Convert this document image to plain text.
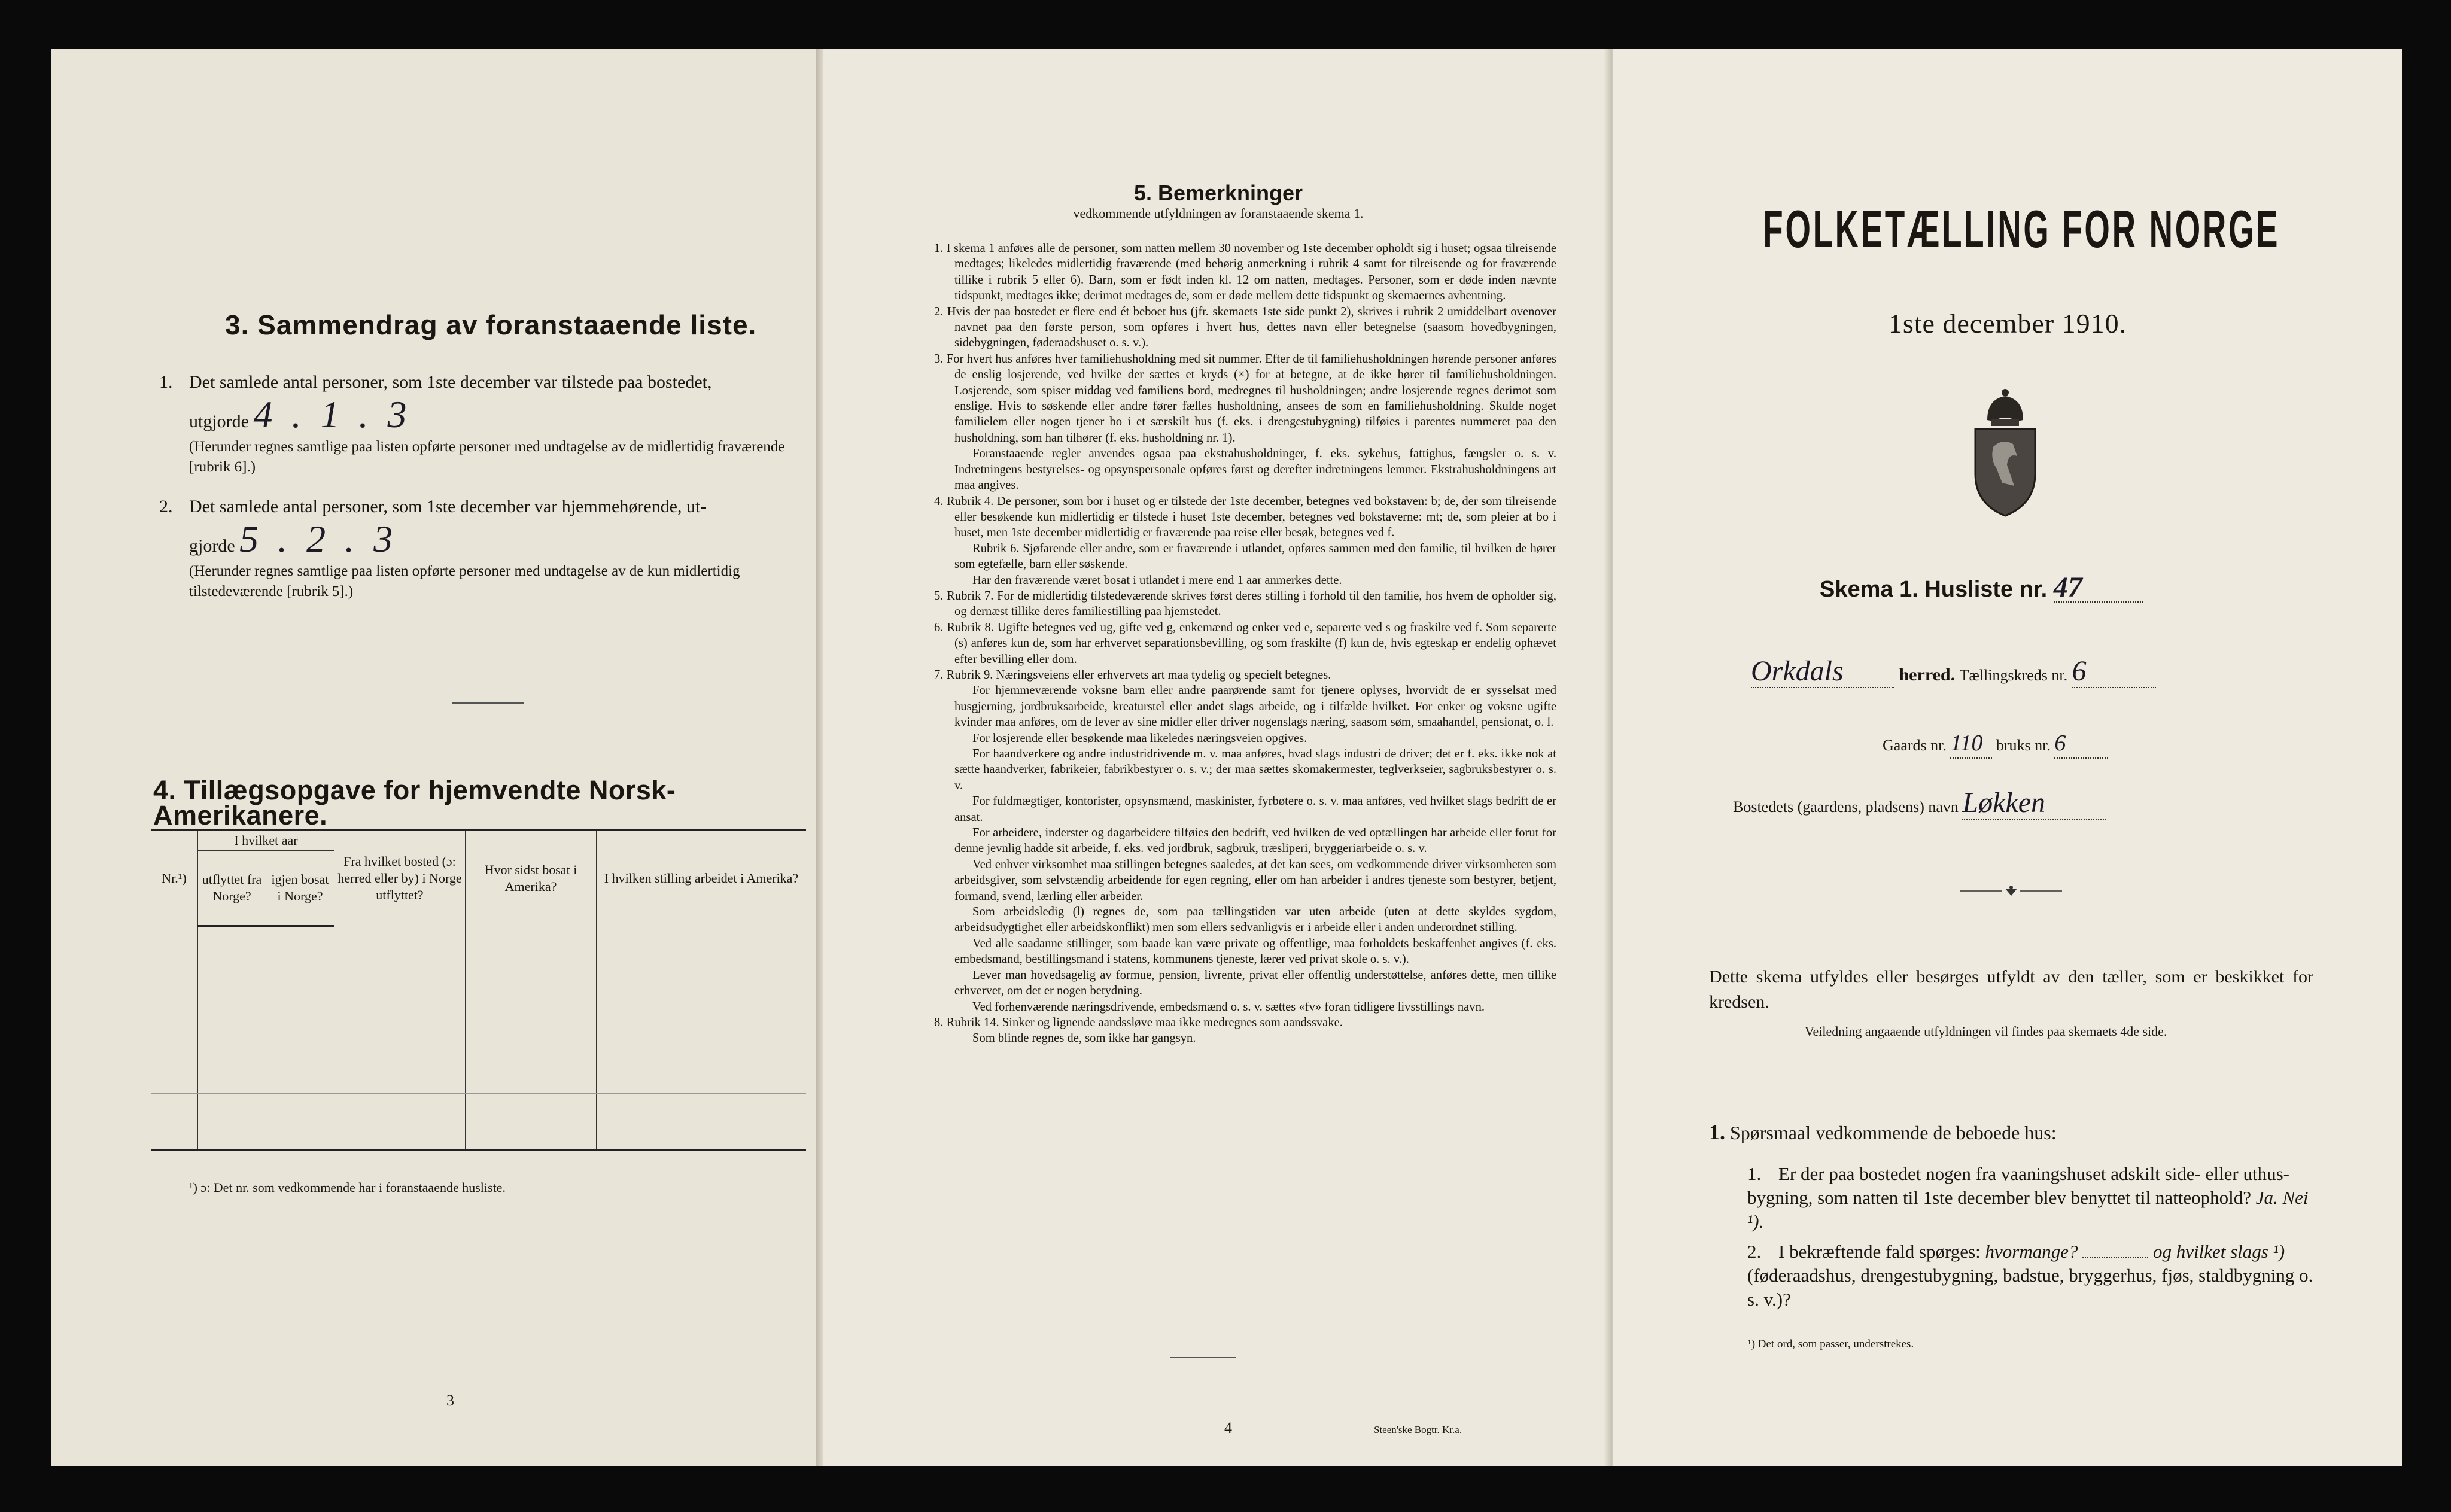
3. Sammendrag av foranstaaende liste.
1. Det samlede antal personer, som 1ste december var tilstede paa bostedet,
utgjorde 4 . 1 . 3
(Herunder regnes samtlige paa listen opførte personer med undtagelse av de midlertidig fraværende [rubrik 6].)
2. Det samlede antal personer, som 1ste december var hjemmehørende, ut-
gjorde 5 . 2 . 3
(Herunder regnes samtlige paa listen opførte personer med undtagelse av de kun midlertidig tilstedeværende [rubrik 5].)
4. Tillægsopgave for hjemvendte Norsk-Amerikanere.
Nr.¹)	I hvilket aar		Fra hvilket bosted (ɔ: herred eller by) i Norge utflyttet?	Hvor sidst bosat i Amerika?	I hvilken stilling arbeidet i Amerika?
	utflyttet fra Norge?	igjen bosat i Norge?			

¹) ɔ: Det nr. som vedkommende har i foranstaaende husliste.
3
5. Bemerkninger
vedkommende utfyldningen av foranstaaende skema 1.

1. I skema 1 anføres alle de personer, som natten mellem 30 november og 1ste december opholdt sig i huset; ogsaa tilreisende medtages; likeledes midlertidig fraværende (med behørig anmerkning i rubrik 4 samt for tilreisende og for fraværende tillike i rubrik 5 eller 6). Barn, som er født inden kl. 12 om natten, medtages. Personer, som er døde inden nævnte tidspunkt, medtages ikke; derimot medtages de, som er døde mellem dette tidspunkt og skemaernes avhentning.

2. Hvis der paa bostedet er flere end ét beboet hus (jfr. skemaets 1ste side punkt 2), skrives i rubrik 2 umiddelbart ovenover navnet paa den første person, som opføres i hvert hus, dettes navn eller betegnelse (saasom hovedbygningen, sidebygningen, føderaadshuset o. s. v.).

3. For hvert hus anføres hver familiehusholdning med sit nummer. Efter de til familiehusholdningen hørende personer anføres de enslig losjerende, ved hvilke der sættes et kryds (×) for at betegne, at de ikke hører til familiehusholdningen. Losjerende, som spiser middag ved familiens bord, medregnes til husholdningen; andre losjerende regnes derimot som enslige. Hvis to søskende eller andre fører fælles husholdning, ansees de som en familiehusholdning. Skulde noget familielem eller nogen tjener bo i et særskilt hus (f. eks. i drengestubygning) tilføies i parentes nummeret paa den husholdning, som han tilhører (f. eks. husholdning nr. 1).

Foranstaaende regler anvendes ogsaa paa ekstrahusholdninger, f. eks. sykehus, fattighus, fængsler o. s. v. Indretningens bestyrelses- og opsynspersonale opføres først og derefter indretningens lemmer. Ekstrahusholdningens art maa angives.

4. Rubrik 4. De personer, som bor i huset og er tilstede der 1ste december, betegnes ved bokstaven: b; de, der som tilreisende eller besøkende kun midlertidig er tilstede i huset 1ste december, betegnes ved bokstaverne: mt; de, som pleier at bo i huset, men 1ste december midlertidig er fraværende paa reise eller besøk, betegnes ved f.

Rubrik 6. Sjøfarende eller andre, som er fraværende i utlandet, opføres sammen med den familie, til hvilken de hører som egtefælle, barn eller søskende.

Har den fraværende været bosat i utlandet i mere end 1 aar anmerkes dette.

5. Rubrik 7. For de midlertidig tilstedeværende skrives først deres stilling i forhold til den familie, hos hvem de opholder sig, og dernæst tillike deres familiestilling paa hjemstedet.

6. Rubrik 8. Ugifte betegnes ved ug, gifte ved g, enkemænd og enker ved e, separerte ved s og fraskilte ved f. Som separerte (s) anføres kun de, som har erhvervet separationsbevilling, og som fraskilte (f) kun de, hvis egteskap er endelig ophævet efter bevilling eller dom.

7. Rubrik 9. Næringsveiens eller erhvervets art maa tydelig og specielt betegnes.

For hjemmeværende voksne barn eller andre paarørende samt for tjenere oplyses, hvorvidt de er sysselsat med husgjerning, jordbruksarbeide, kreaturstel eller andet slags arbeide, og i tilfælde hvilket. For enker og voksne ugifte kvinder maa anføres, om de lever av sine midler eller driver nogenslags næring, saasom søm, smaahandel, pensionat, o. l.

For losjerende eller besøkende maa likeledes næringsveien opgives.

For haandverkere og andre industridrivende m. v. maa anføres, hvad slags industri de driver; det er f. eks. ikke nok at sætte haandverker, fabrikeier, fabrikbestyrer o. s. v.; der maa sættes skomakermester, teglverkseier, sagbruksbestyrer o. s. v.

For fuldmægtiger, kontorister, opsynsmænd, maskinister, fyrbøtere o. s. v. maa anføres, ved hvilket slags bedrift de er ansat.

For arbeidere, inderster og dagarbeidere tilføies den bedrift, ved hvilken de ved optællingen har arbeide eller forut for denne jevnlig hadde sit arbeide, f. eks. ved jordbruk, sagbruk, træsliperi, bryggeriarbeide o. s. v.

Ved enhver virksomhet maa stillingen betegnes saaledes, at det kan sees, om vedkommende driver virksomheten som arbeidsgiver, som selvstændig arbeidende for egen regning, eller om han arbeider i andres tjeneste som bestyrer, betjent, formand, svend, lærling eller arbeider.

Som arbeidsledig (l) regnes de, som paa tællingstiden var uten arbeide (uten at dette skyldes sygdom, arbeidsudygtighet eller arbeidskonflikt) men som ellers sedvanligvis er i arbeide eller i anden underordnet stilling.

Ved alle saadanne stillinger, som baade kan være private og offentlige, maa forholdets beskaffenhet angives (f. eks. embedsmand, bestillingsmand i statens, kommunens tjeneste, lærer ved privat skole o. s. v.).

Lever man hovedsagelig av formue, pension, livrente, privat eller offentlig understøttelse, anføres dette, men tillike erhvervet, om det er nogen betydning.

Ved forhenværende næringsdrivende, embedsmænd o. s. v. sættes «fv» foran tidligere livsstillings navn.

8. Rubrik 14. Sinker og lignende aandssløve maa ikke medregnes som aandssvake.

Som blinde regnes de, som ikke har gangsyn.

4	Steen'ske Bogtr. Kr.a.
FOLKETÆLLING FOR NORGE
1ste december 1910.
Skema 1. Husliste nr. 47
Orkdals	herred. Tællingskreds nr. 6
Gaards nr. 110 bruks nr. 6
Bostedets (gaardens, pladsens) navn Løkken
Dette skema utfyldes eller besørges utfyldt av den tæller, som er beskikket for kredsen.
Veiledning angaaende utfyldningen vil findes paa skemaets 4de side.
1. Spørsmaal vedkommende de beboede hus:
1. Er der paa bostedet nogen fra vaaningshuset adskilt side- eller uthus-bygning, som natten til 1ste december blev benyttet til natteophold? Ja. Nei ¹).
2. I bekræftende fald spørges: hvormange?	og hvilket slags ¹) (føderaadshus, drengestubygning, badstue, bryggerhus, fjøs, staldbygning o. s. v.)?
¹) Det ord, som passer, understrekes.
